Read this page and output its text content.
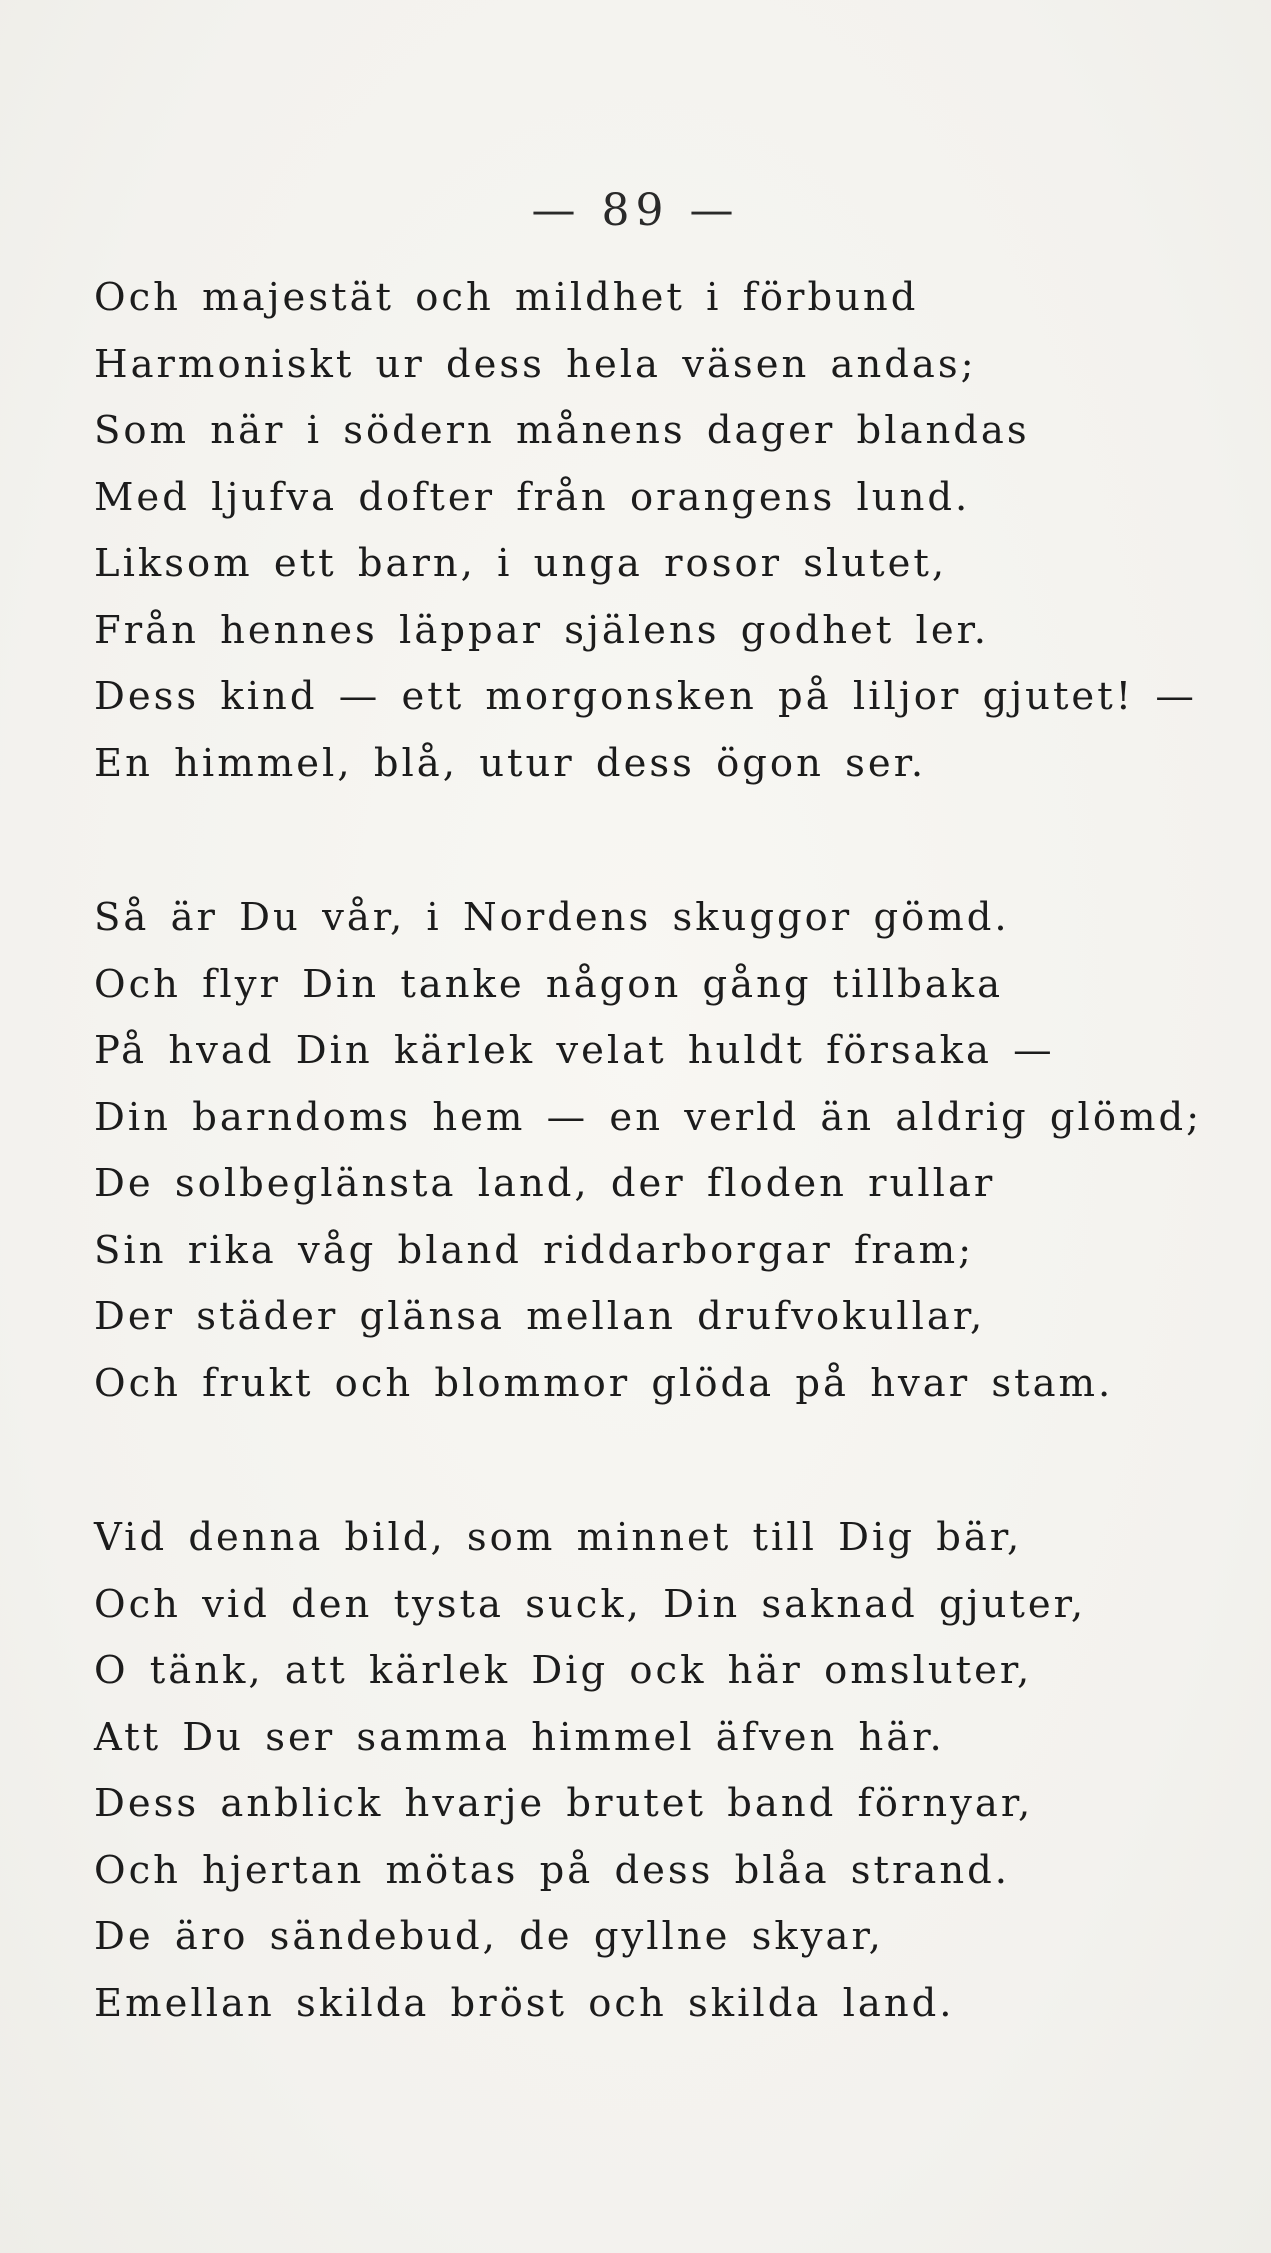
— 89 —
Och majestät och mildhet i förbund
Harmoniskt ur dess hela väsen andas;
Som när i södern månens dager blandas
Med ljufva dofter från orangens lund.
Liksom ett barn, i unga rosor slutet,
Från hennes läppar själens godhet ler.
Dess kind — ett morgonsken på liljor gjutet! —
En himmel, blå, utur dess ögon ser.
Så är Du vår, i Nordens skuggor gömd.
Och flyr Din tanke någon gång tillbaka
På hvad Din kärlek velat huldt försaka —
Din barndoms hem — en verld än aldrig glömd;
De solbeglänsta land, der floden rullar
Sin rika våg bland riddarborgar fram;
Der städer glänsa mellan drufvokullar,
Och frukt och blommor glöda på hvar stam.
Vid denna bild, som minnet till Dig bär,
Och vid den tysta suck, Din saknad gjuter,
O tänk, att kärlek Dig ock här omsluter,
Att Du ser samma himmel äfven här.
Dess anblick hvarje brutet band förnyar,
Och hjertan mötas på dess blåa strand.
De äro sändebud, de gyllne skyar,
Emellan skilda bröst och skilda land.
